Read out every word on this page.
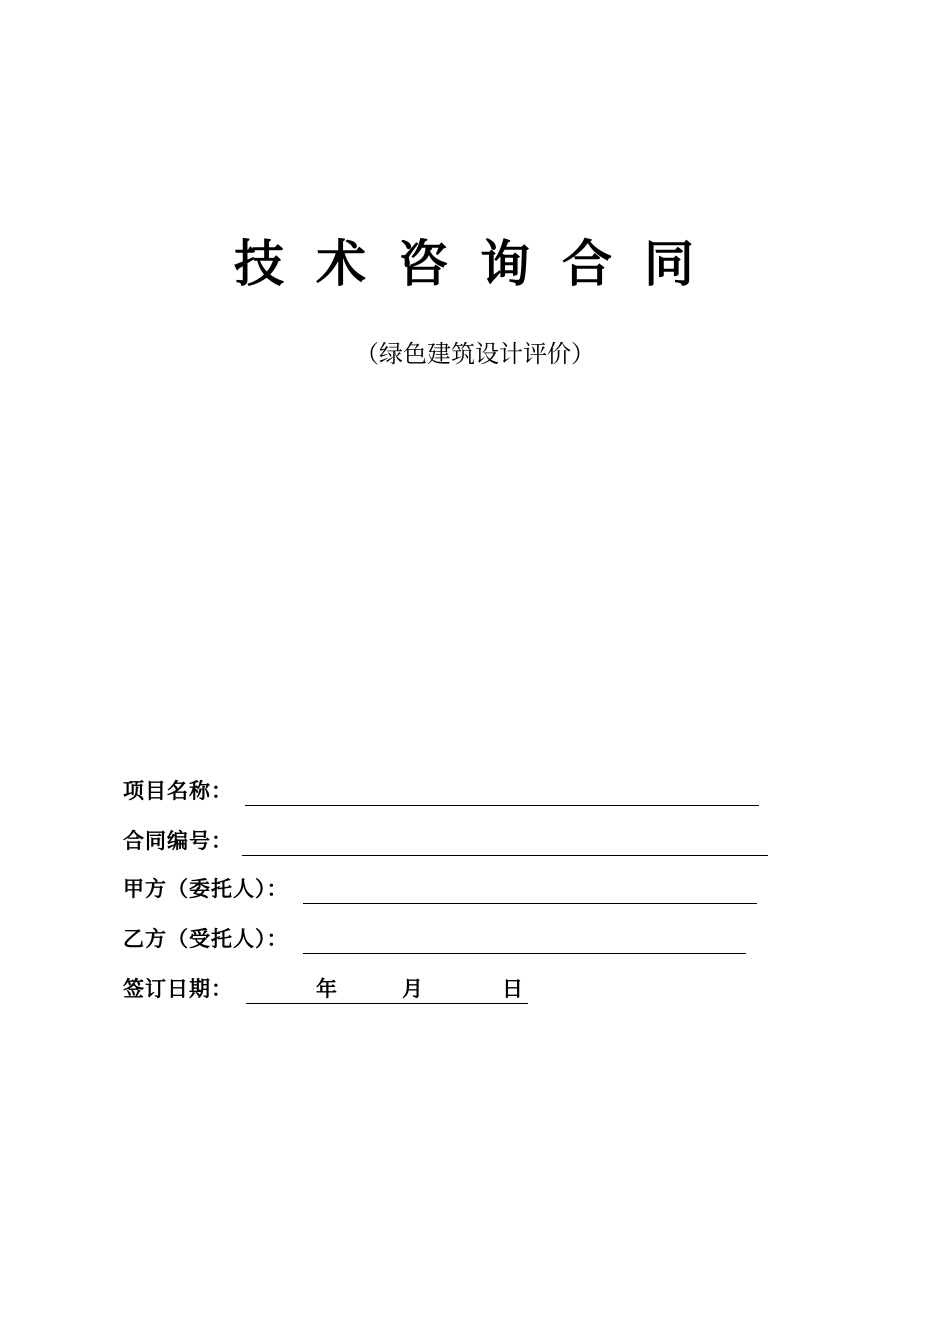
技术咨询合同
（绿色建筑设计评价）
项目名称：
合同编号：
甲方（委托人）：
乙方（受托人）：
签订日期：	年	月	日
